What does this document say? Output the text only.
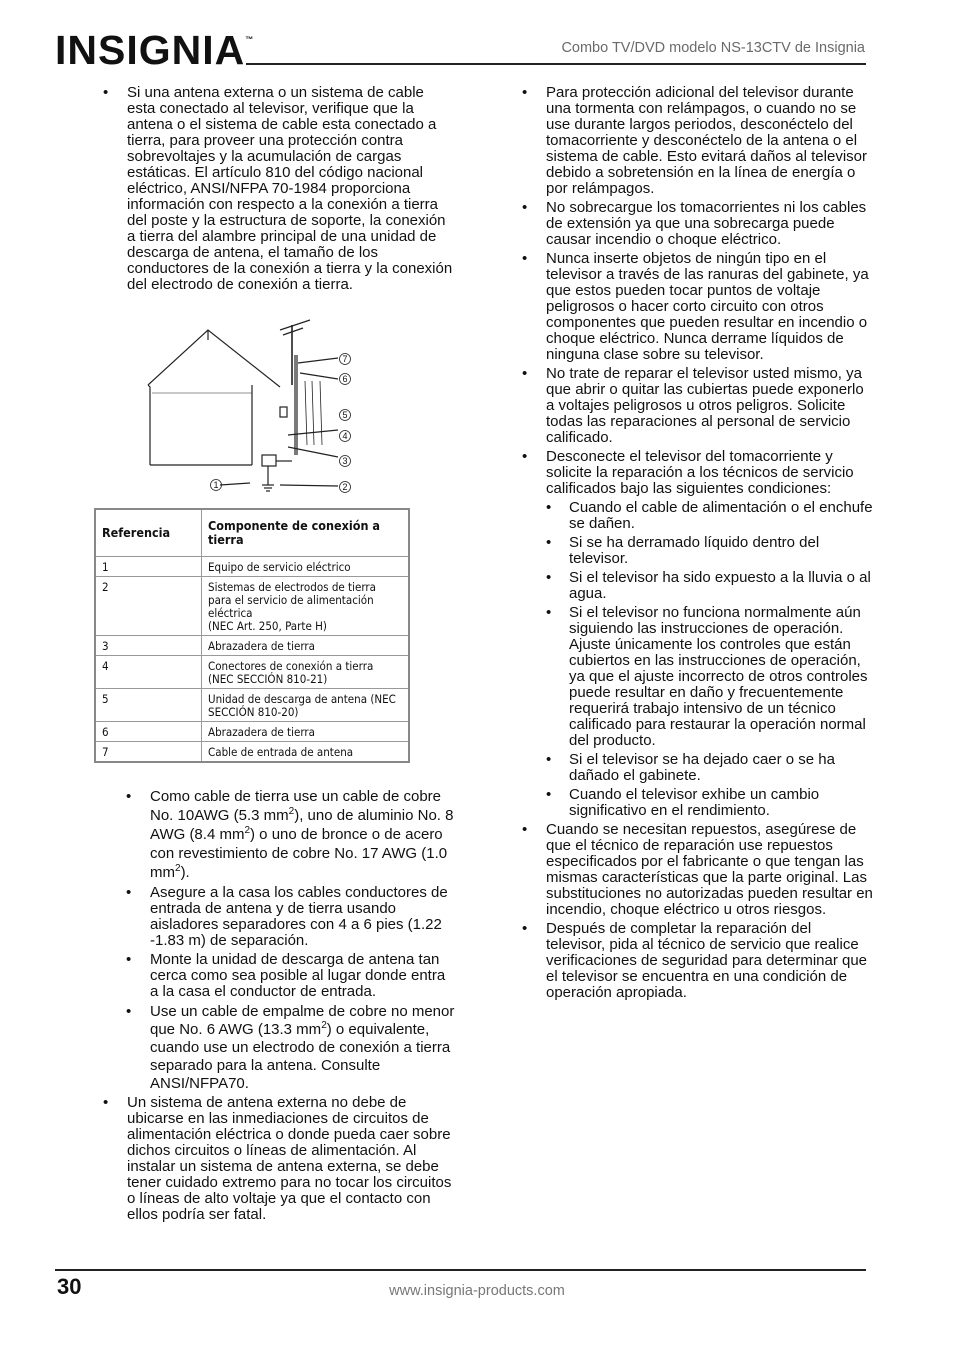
INSIGNIA™
Combo TV/DVD modelo NS-13CTV de Insignia
• Si una antena externa o un sistema de cable esta conectado al televisor, verifique que la antena o el sistema de cable esta conectado a tierra, para proveer una protección contra sobrevoltajes y la acumulación de cargas estáticas. El artículo 810 del código nacional eléctrico, ANSI/NFPA 70-1984 proporciona información con respecto a la conexión a tierra del poste y la estructura de soporte, la conexión a tierra del alambre principal de una unidad de descarga de antena, el tamaño de los conductores de la conexión a tierra y la conexión del electrodo de conexión a tierra.
7
6
5
4
3
2
1
Referencia	Componente de conexión a tierra
1	Equipo de servicio eléctrico
2	Sistemas de electrodos de tierra para el servicio de alimentación eléctrica
(NEC Art. 250, Parte H)

3	Abrazadera de tierra
4	Conectores de conexión a tierra (NEC SECCIÓN 810-21)
5	Unidad de descarga de antena (NEC SECCIÓN 810-20)
6	Abrazadera de tierra
7	Cable de entrada de antena
• Como cable de tierra use un cable de cobre No. 10AWG (5.3 $mm^2$), uno de aluminio No. 8 AWG (8.4 $mm^2$) o uno de bronce o de acero con revestimiento de cobre No. 17 AWG (1.0 $mm^2$).
• Asegure a la casa los cables conductores de entrada de antena y de tierra usando aisladores separadores con 4 a 6 pies (1.22 -1.83 m) de separación.
• Monte la unidad de descarga de antena tan cerca como sea posible al lugar donde entra a la casa el conductor de entrada.
• Use un cable de empalme de cobre no menor que No. 6 AWG (13.3 $mm^2$) o equivalente, cuando use un electrodo de conexión a tierra separado para la antena. Consulte ANSI/NFPA70.
• Un sistema de antena externa no debe de ubicarse en las inmediaciones de circuitos de alimentación eléctrica o donde pueda caer sobre dichos circuitos o líneas de alimentación. Al instalar un sistema de antena externa, se debe tener cuidado extremo para no tocar los circuitos o líneas de alto voltaje ya que el contacto con ellos podría ser fatal.
• Para protección adicional del televisor durante una tormenta con relámpagos, o cuando no se use durante largos periodos, desconéctelo del tomacorriente y desconéctelo de la antena o el sistema de cable. Esto evitará daños al televisor debido a sobretensión en la línea de energía o por relámpagos.
• No sobrecargue los tomacorrientes ni los cables de extensión ya que una sobrecarga puede causar incendio o choque eléctrico.
• Nunca inserte objetos de ningún tipo en el televisor a través de las ranuras del gabinete, ya que estos pueden tocar puntos de voltaje peligrosos o hacer corto circuito con otros componentes que pueden resultar en incendio o choque eléctrico. Nunca derrame líquidos de ninguna clase sobre su televisor.
• No trate de reparar el televisor usted mismo, ya que abrir o quitar las cubiertas puede exponerlo a voltajes peligrosos u otros peligros. Solicite todas las reparaciones al personal de servicio calificado.
• Desconecte el televisor del tomacorriente y solicite la reparación a los técnicos de servicio calificados bajo las siguientes condiciones:
• Cuando el cable de alimentación o el enchufe se dañen.
• Si se ha derramado líquido dentro del televisor.
• Si el televisor ha sido expuesto a la lluvia o al agua.
• Si el televisor no funciona normalmente aún siguiendo las instrucciones de operación. Ajuste únicamente los controles que están cubiertos en las instrucciones de operación, ya que el ajuste incorrecto de otros controles puede resultar en daño y frecuentemente requerirá trabajo intensivo de un técnico calificado para restaurar la operación normal del producto.
• Si el televisor se ha dejado caer o se ha dañado el gabinete.
• Cuando el televisor exhibe un cambio significativo en el rendimiento.
• Cuando se necesitan repuestos, asegúrese de que el técnico de reparación use repuestos especificados por el fabricante o que tengan las mismas características que la parte original. Las substituciones no autorizadas pueden resultar en incendio, choque eléctrico u otros riesgos.
• Después de completar la reparación del televisor, pida al técnico de servicio que realice verificaciones de seguridad para determinar que el televisor se encuentra en una condición de operación apropiada.
30	www.insignia-products.com
